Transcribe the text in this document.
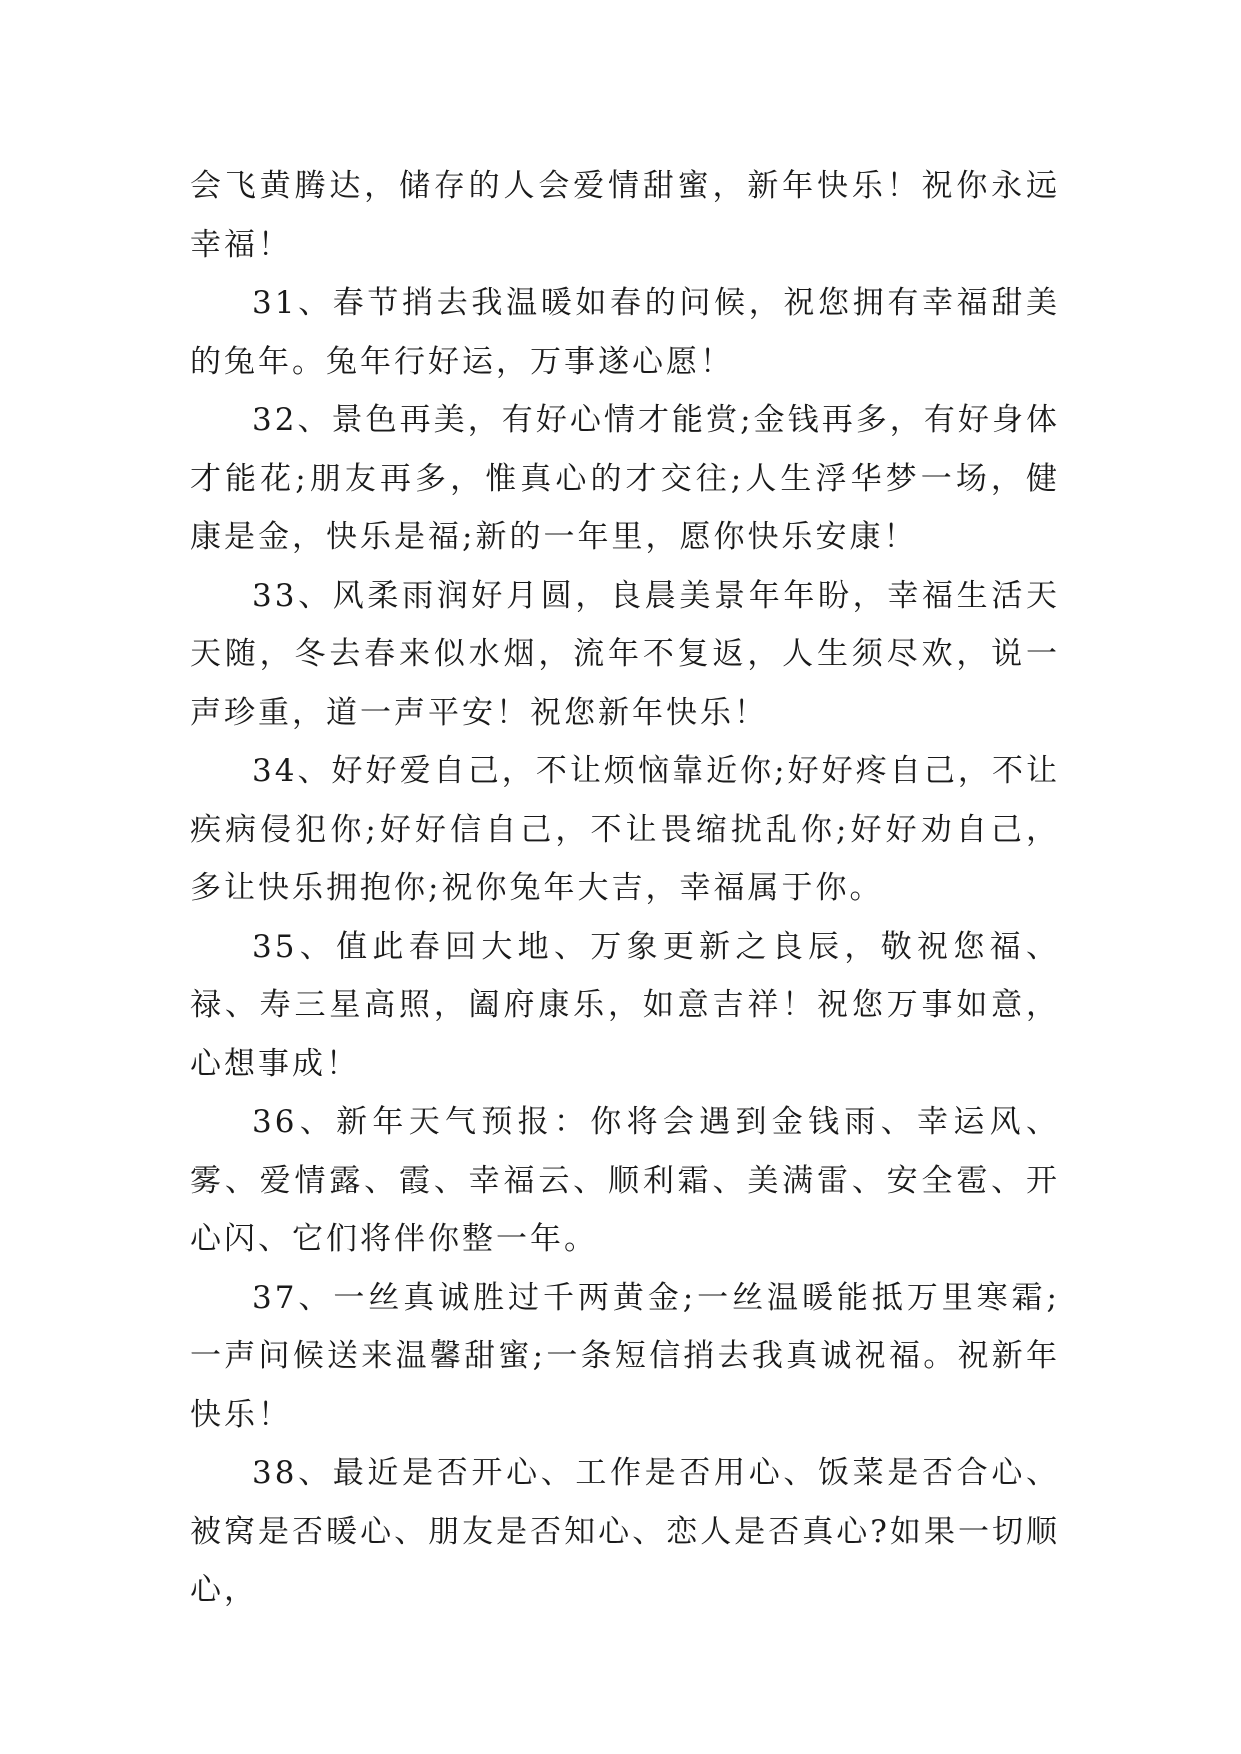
会飞黄腾达，储存的人会爱情甜蜜，新年快乐！祝你永远幸福！

31、春节捎去我温暖如春的问候，祝您拥有幸福甜美的兔年。兔年行好运，万事遂心愿！

32、景色再美，有好心情才能赏;金钱再多，有好身体才能花;朋友再多，惟真心的才交往;人生浮华梦一场，健康是金，快乐是福;新的一年里，愿你快乐安康！

33、风柔雨润好月圆，良晨美景年年盼，幸福生活天天随，冬去春来似水烟，流年不复返，人生须尽欢，说一声珍重，道一声平安！祝您新年快乐！

34、好好爱自己，不让烦恼靠近你;好好疼自己，不让疾病侵犯你;好好信自己，不让畏缩扰乱你;好好劝自己，多让快乐拥抱你;祝你兔年大吉，幸福属于你。

35、值此春回大地、万象更新之良辰，敬祝您福、禄、寿三星高照，阖府康乐，如意吉祥！祝您万事如意，心想事成！

36、新年天气预报：你将会遇到金钱雨、幸运风、雾、爱情露、霞、幸福云、顺利霜、美满雷、安全雹、开心闪、它们将伴你整一年。

37、一丝真诚胜过千两黄金;一丝温暖能抵万里寒霜;一声问候送来温馨甜蜜;一条短信捎去我真诚祝福。祝新年快乐！

38、最近是否开心、工作是否用心、饭菜是否合心、被窝是否暖心、朋友是否知心、恋人是否真心?如果一切顺心，
